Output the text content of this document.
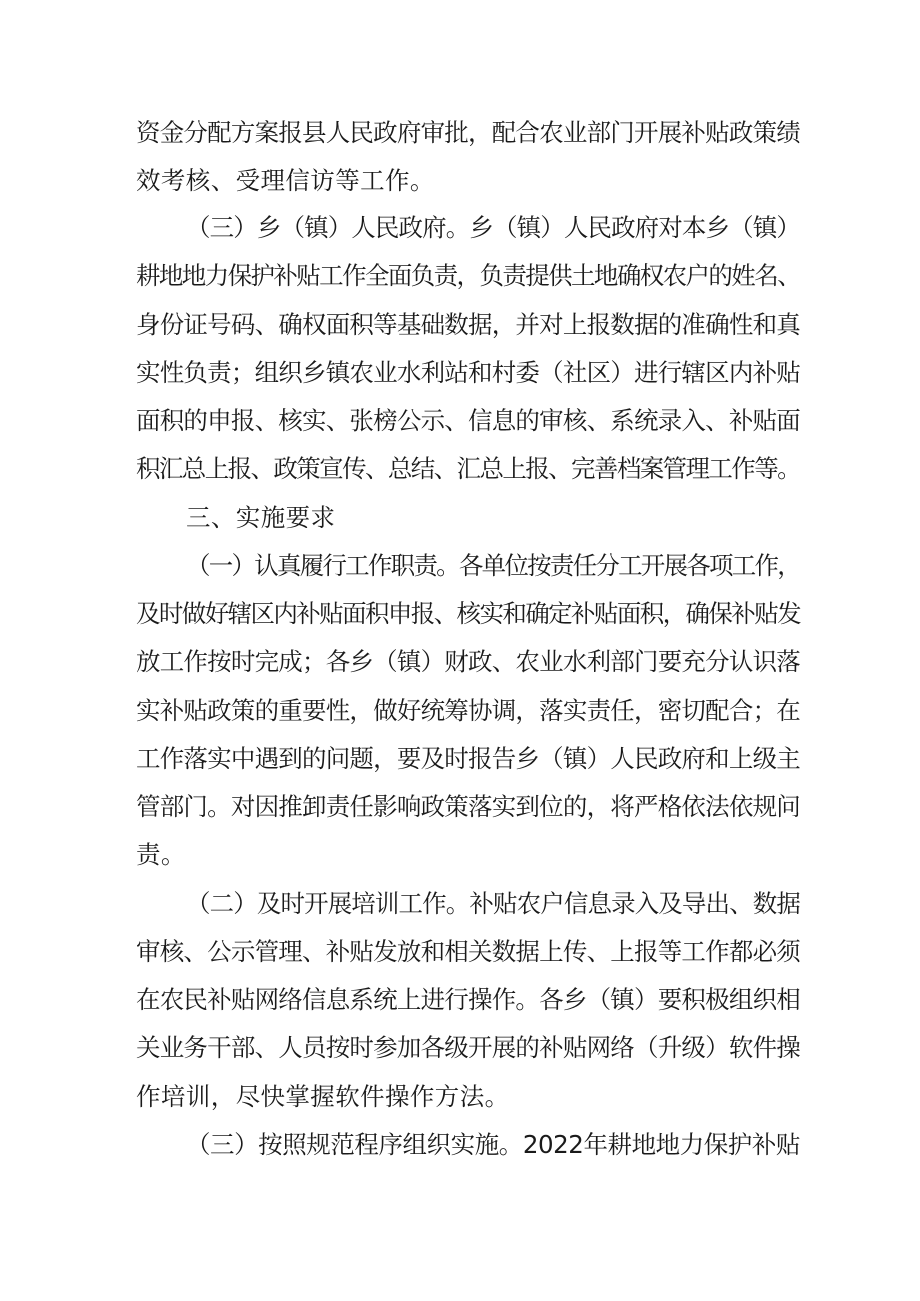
资金分配方案报县人民政府审批，配合农业部门开展补贴政策绩
效考核、受理信访等工作。
（三）乡（镇）人民政府。乡（镇）人民政府对本乡（镇）
耕地地力保护补贴工作全面负责，负责提供土地确权农户的姓名、
身份证号码、确权面积等基础数据，并对上报数据的准确性和真
实性负责；组织乡镇农业水利站和村委（社区）进行辖区内补贴
面积的申报、核实、张榜公示、信息的审核、系统录入、补贴面
积汇总上报、政策宣传、总结、汇总上报、完善档案管理工作等。
三、实施要求
（一）认真履行工作职责。各单位按责任分工开展各项工作，
及时做好辖区内补贴面积申报、核实和确定补贴面积，确保补贴发
放工作按时完成；各乡（镇）财政、农业水利部门要充分认识落
实补贴政策的重要性，做好统筹协调，落实责任，密切配合；在
工作落实中遇到的问题，要及时报告乡（镇）人民政府和上级主
管部门。对因推卸责任影响政策落实到位的，将严格依法依规问
责。
（二）及时开展培训工作。补贴农户信息录入及导出、数据
审核、公示管理、补贴发放和相关数据上传、上报等工作都必须
在农民补贴网络信息系统上进行操作。各乡（镇）要积极组织相
关业务干部、人员按时参加各级开展的补贴网络（升级）软件操
作培训，尽快掌握软件操作方法。
（三）按照规范程序组织实施。2022年耕地地力保护补贴
